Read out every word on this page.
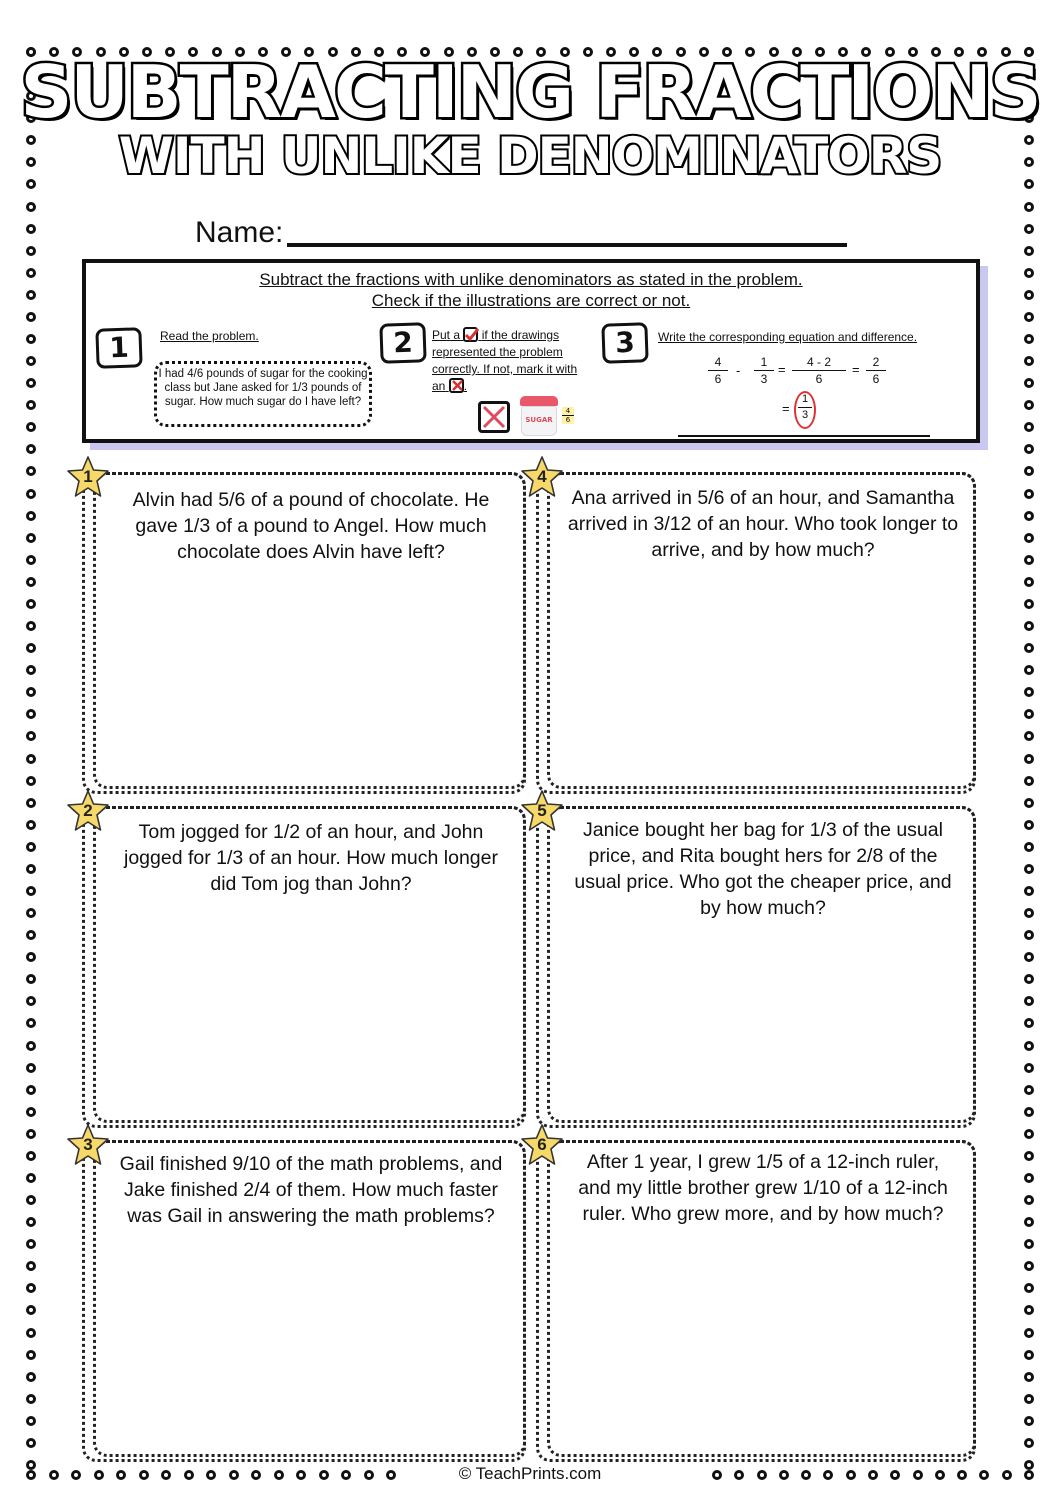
SUBTRACTING FRACTIONS
WITH UNLIKE DENOMINATORS
Name:
Subtract the fractions with unlike denominators as stated in the problem.
Check if the illustrations are correct or not.
1	Read the problem.
I had 4/6 pounds of sugar for the cooking class but Jane asked for 1/3 pounds of sugar. How much sugar do I have left?
2	Put a if the drawings represented the problem correctly. If not, mark it with an .
SUGAR
4
6
3	Write the corresponding equation and difference.
4
6
-
1
3
=	4 - 2
6
=	2
6
=
1
3
Alvin had 5/6 of a pound of chocolate. He gave 1/3 of a pound to Angel. How much chocolate does Alvin have left?
1
Tom jogged for 1/2 of an hour, and John jogged for 1/3 of an hour. How much longer did Tom jog than John?
2
Gail finished 9/10 of the math problems, and Jake finished 2/4 of them. How much faster was Gail in answering the math problems?
3
Ana arrived in 5/6 of an hour, and Samantha arrived in 3/12 of an hour. Who took longer to arrive, and by how much?
4
Janice bought her bag for 1/3 of the usual price, and Rita bought hers for 2/8 of the usual price. Who got the cheaper price, and by how much?
5
After 1 year, I grew 1/5 of a 12-inch ruler, and my little brother grew 1/10 of a 12-inch ruler. Who grew more, and by how much?
6
© TeachPrints.com
